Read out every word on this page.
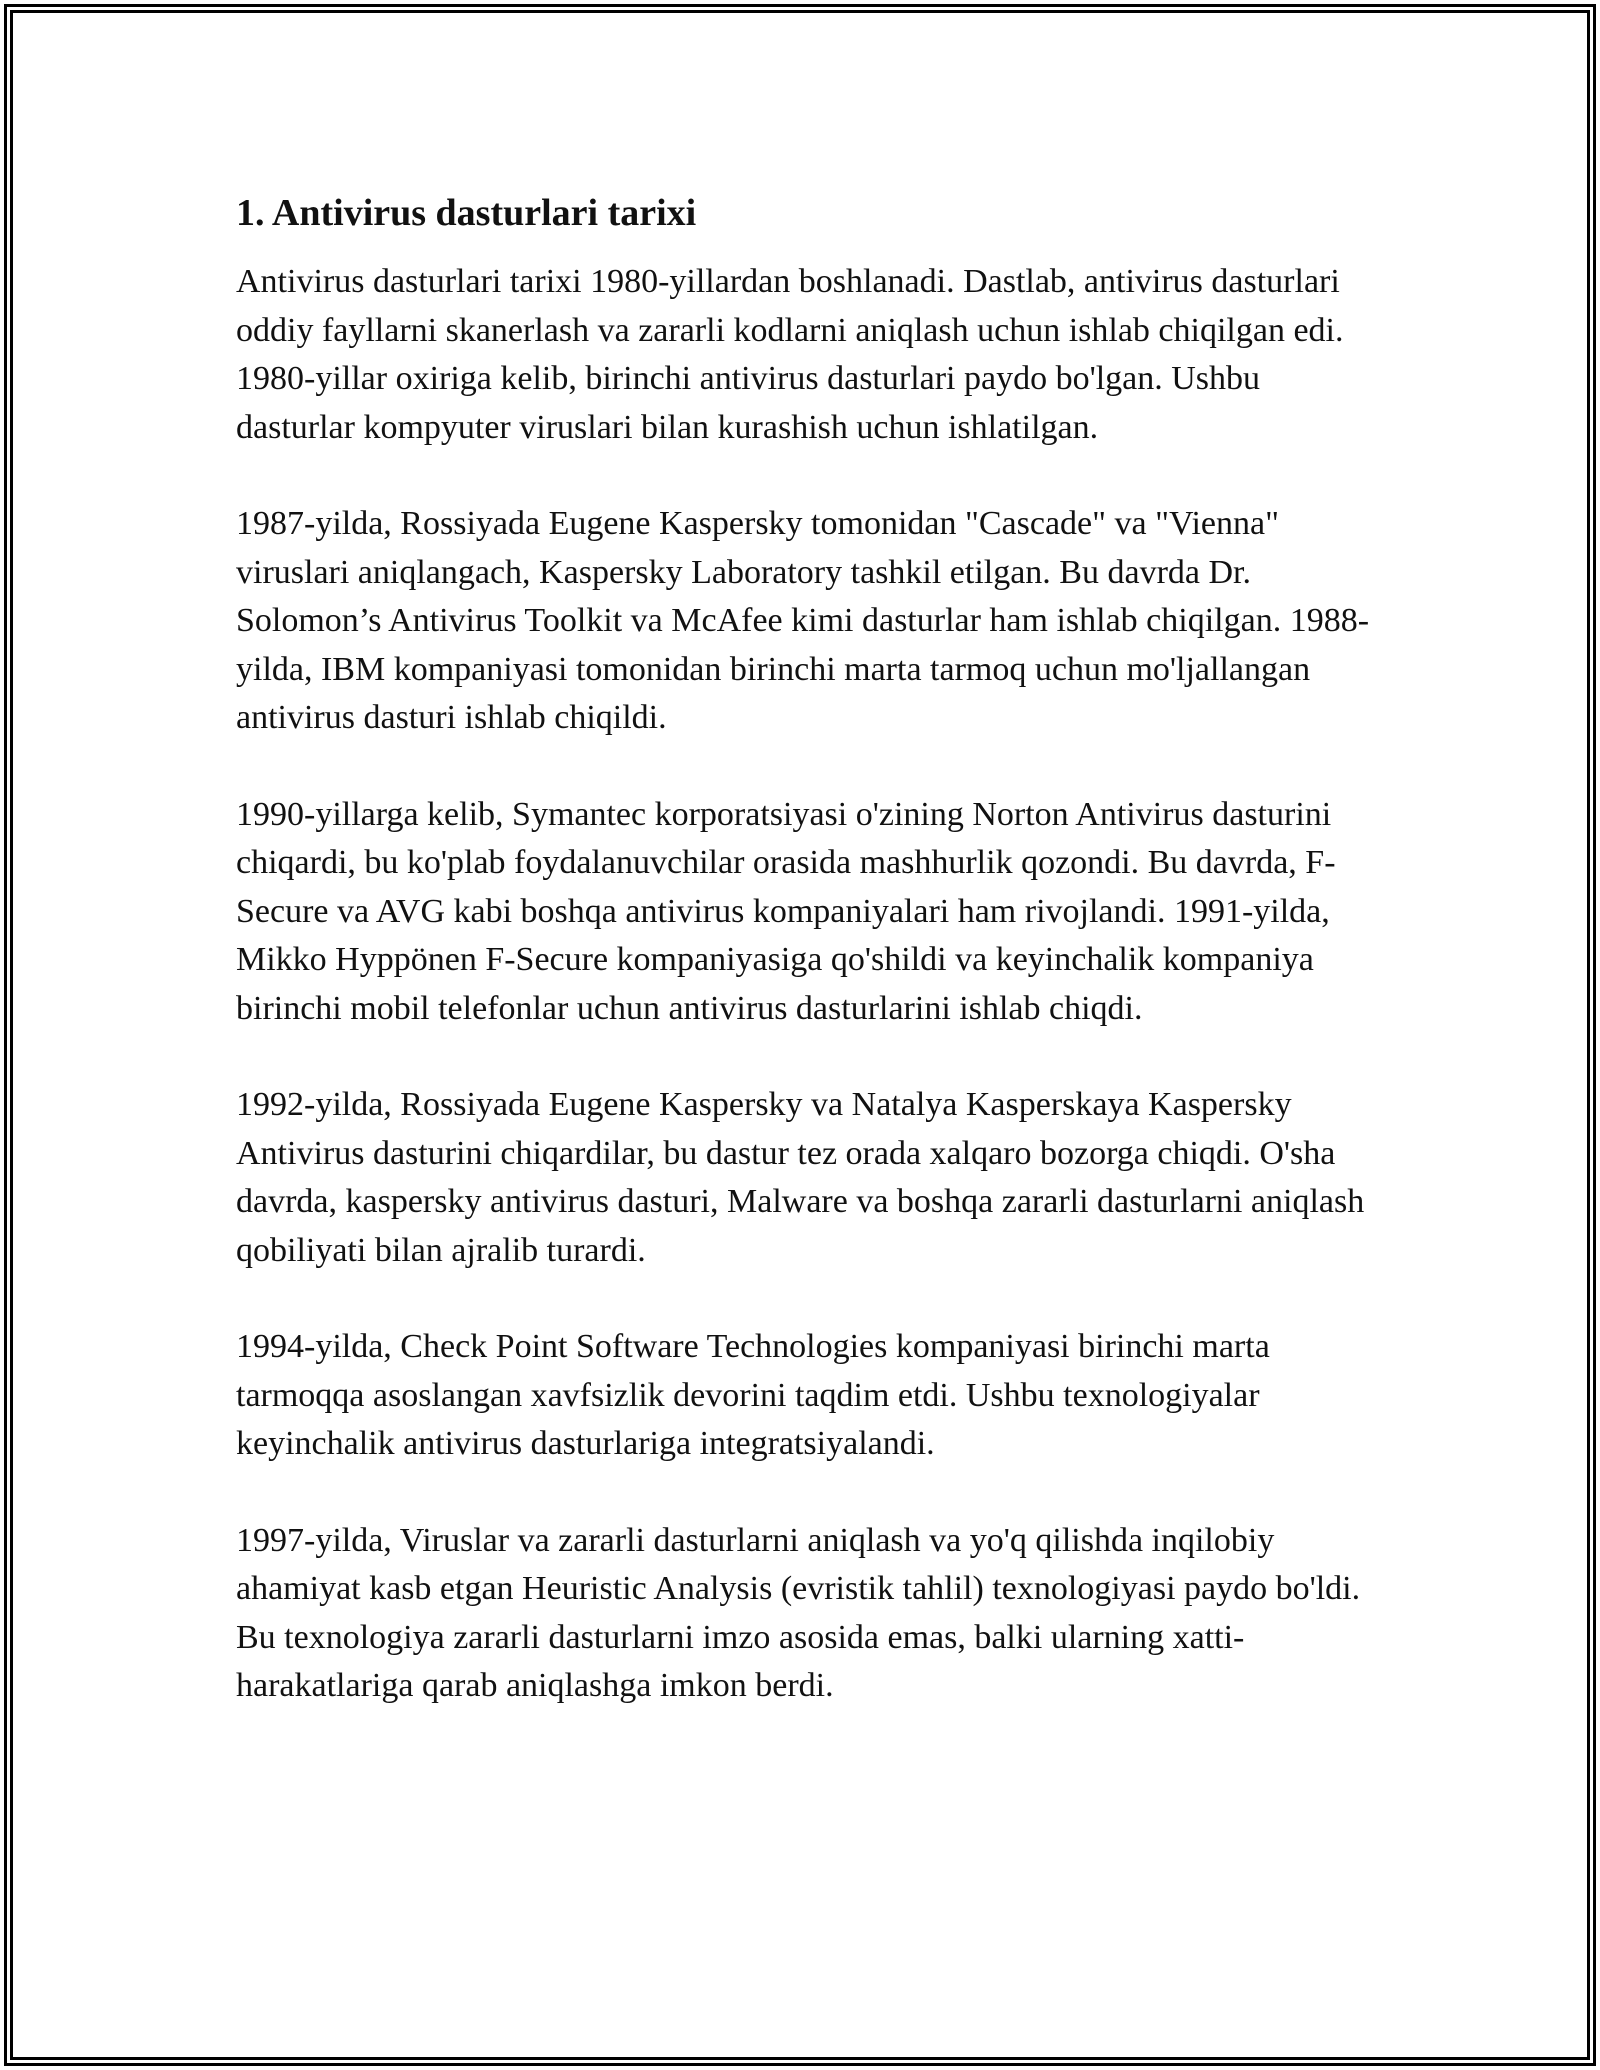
1. Antivirus dasturlari tarixi

Antivirus dasturlari tarixi 1980-yillardan boshlanadi. Dastlab, antivirus dasturlari oddiy fayllarni skanerlash va zararli kodlarni aniqlash uchun ishlab chiqilgan edi. 1980-yillar oxiriga kelib, birinchi antivirus dasturlari paydo bo'lgan. Ushbu dasturlar kompyuter viruslari bilan kurashish uchun ishlatilgan.

1987-yilda, Rossiyada Eugene Kaspersky tomonidan "Cascade" va "Vienna" viruslari aniqlangach, Kaspersky Laboratory tashkil etilgan. Bu davrda Dr. Solomon’s Antivirus Toolkit va McAfee kimi dasturlar ham ishlab chiqilgan. 1988-yilda, IBM kompaniyasi tomonidan birinchi marta tarmoq uchun mo'ljallangan antivirus dasturi ishlab chiqildi.

1990-yillarga kelib, Symantec korporatsiyasi o'zining Norton Antivirus dasturini chiqardi, bu ko'plab foydalanuvchilar orasida mashhurlik qozondi. Bu davrda, F-Secure va AVG kabi boshqa antivirus kompaniyalari ham rivojlandi. 1991-yilda, Mikko Hyppönen F-Secure kompaniyasiga qo'shildi va keyinchalik kompaniya birinchi mobil telefonlar uchun antivirus dasturlarini ishlab chiqdi.

1992-yilda, Rossiyada Eugene Kaspersky va Natalya Kasperskaya Kaspersky Antivirus dasturini chiqardilar, bu dastur tez orada xalqaro bozorga chiqdi. O'sha davrda, kaspersky antivirus dasturi, Malware va boshqa zararli dasturlarni aniqlash qobiliyati bilan ajralib turardi.

1994-yilda, Check Point Software Technologies kompaniyasi birinchi marta tarmoqqa asoslangan xavfsizlik devorini taqdim etdi. Ushbu texnologiyalar keyinchalik antivirus dasturlariga integratsiyalandi.

1997-yilda, Viruslar va zararli dasturlarni aniqlash va yo'q qilishda inqilobiy ahamiyat kasb etgan Heuristic Analysis (evristik tahlil) texnologiyasi paydo bo'ldi. Bu texnologiya zararli dasturlarni imzo asosida emas, balki ularning xatti-harakatlariga qarab aniqlashga imkon berdi.
